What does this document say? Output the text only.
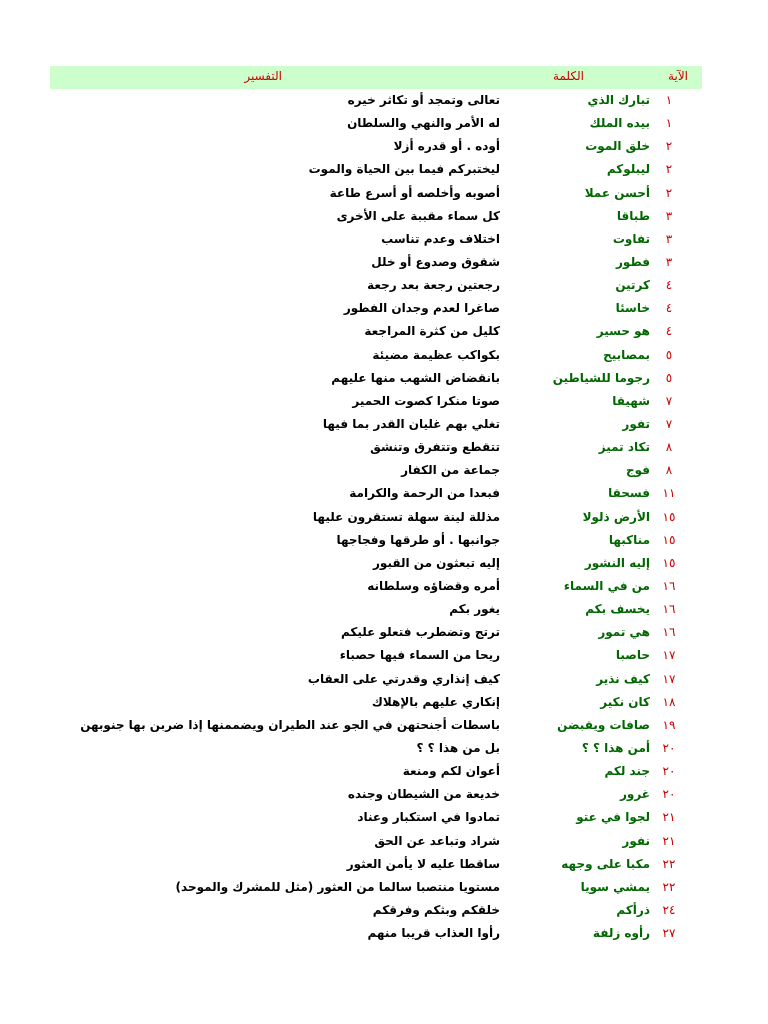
الآية
الكلمة
التفسير
١
تبارك الذي
تعالى وتمجد أو تكاثر خيره
١
بيده الملك
له الأمر والنهي والسلطان
٢
خلق الموت
أوده . أو قدره أزلا
٢
ليبلوكم
ليختبركم فيما بين الحياة والموت
٢
أحسن عملا
أصوبه وأخلصه أو أسرع طاعة
٣
طباقا
كل سماء مقببة على الأخرى
٣
تفاوت
اختلاف وعدم تناسب
٣
فطور
شقوق وصدوع أو خلل
٤
كرتين
رجعتين رجعة بعد رجعة
٤
خاسئا
صاغرا لعدم وجدان الفطور
٤
هو حسير
كليل من كثرة المراجعة
٥
بمصابيح
بكواكب عظيمة مضيئة
٥
رجوما للشياطين
بانقضاض الشهب منها عليهم
٧
شهيقا
صوتا منكرا كصوت الحمير
٧
تفور
تغلي بهم غليان القدر بما فيها
٨
تكاد تميز
تتقطع وتتفرق وتنشق
٨
فوج
جماعة من الكفار
١١
فسحقا
فبعدا من الرحمة والكرامة
١٥
الأرض ذلولا
مذللة لينة سهلة تستقرون عليها
١٥
مناكبها
جوانبها . أو طرقها وفجاجها
١٥
إليه النشور
إليه تبعثون من القبور
١٦
من في السماء
أمره وقضاؤه وسلطانه
١٦
يخسف بكم
يغور بكم
١٦
هي تمور
ترتج وتضطرب فتعلو عليكم
١٧
حاصبا
ريحا من السماء فيها حصباء
١٧
كيف نذير
كيف إنذاري وقدرتي على العقاب
١٨
كان نكير
إنكاري عليهم بالإهلاك
١٩
صافات ويقبضن
باسطات أجنحتهن في الجو عند الطيران ويضممنها إذا ضربن بها جنوبهن
٢٠
أمن هذا ؟ ؟
بل من هذا ؟ ؟
٢٠
جند لكم
أعوان لكم ومنعة
٢٠
غرور
خديعة من الشيطان وجنده
٢١
لجوا في عتو
تمادوا في استكبار وعناد
٢١
نفور
شراد وتباعد عن الحق
٢٢
مكبا على وجهه
ساقطا عليه لا يأمن العثور
٢٢
يمشي سويا
مستويا منتصبا سالما من العثور (مثل للمشرك والموحد)
٢٤
ذرأكم
خلقكم وبثكم وفرقكم
٢٧
رأوه زلفة
رأوا العذاب قريبا منهم
